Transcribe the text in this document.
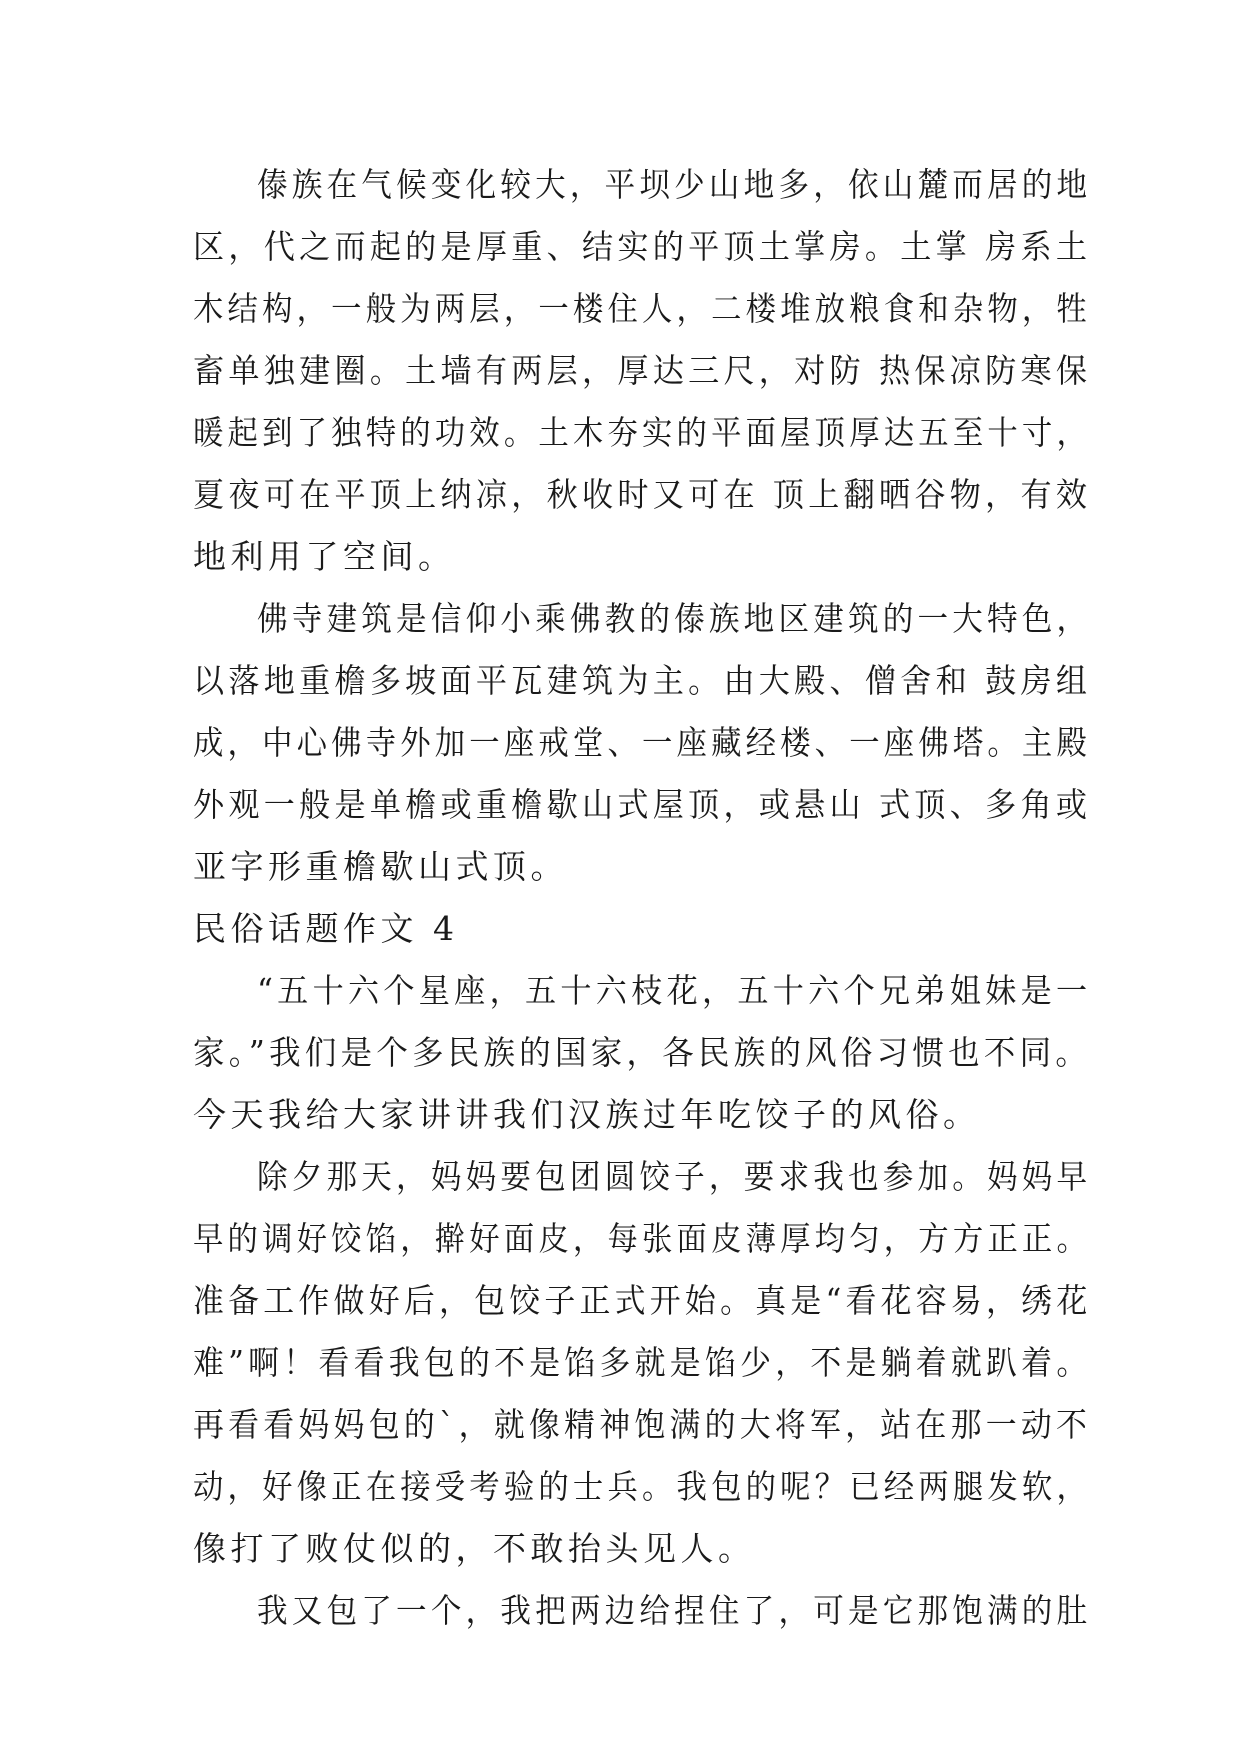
傣族在气候变化较大，平坝少山地多，依山麓而居的地
区，代之而起的是厚重、结实的平顶土掌房。土掌 房系土
木结构，一般为两层，一楼住人，二楼堆放粮食和杂物，牲
畜单独建圈。土墙有两层，厚达三尺，对防 热保凉防寒保
暖起到了独特的功效。土木夯实的平面屋顶厚达五至十寸，
夏夜可在平顶上纳凉，秋收时又可在 顶上翻晒谷物，有效
地利用了空间。
佛寺建筑是信仰小乘佛教的傣族地区建筑的一大特色，
以落地重檐多坡面平瓦建筑为主。由大殿、僧舍和 鼓房组
成，中心佛寺外加一座戒堂、一座藏经楼、一座佛塔。主殿
外观一般是单檐或重檐歇山式屋顶，或悬山 式顶、多角或
亚字形重檐歇山式顶。
民俗话题作文 4
“五十六个星座，五十六枝花，五十六个兄弟姐妹是一
家。”我们是个多民族的国家，各民族的风俗习惯也不同。
今天我给大家讲讲我们汉族过年吃饺子的风俗。
除夕那天，妈妈要包团圆饺子，要求我也参加。妈妈早
早的调好饺馅，擀好面皮，每张面皮薄厚均匀，方方正正。
准备工作做好后，包饺子正式开始。真是“看花容易，绣花
难”啊！看看我包的不是馅多就是馅少，不是躺着就趴着。
再看看妈妈包的`，就像精神饱满的大将军，站在那一动不
动，好像正在接受考验的士兵。我包的呢？已经两腿发软，
像打了败仗似的，不敢抬头见人。
我又包了一个，我把两边给捏住了，可是它那饱满的肚
